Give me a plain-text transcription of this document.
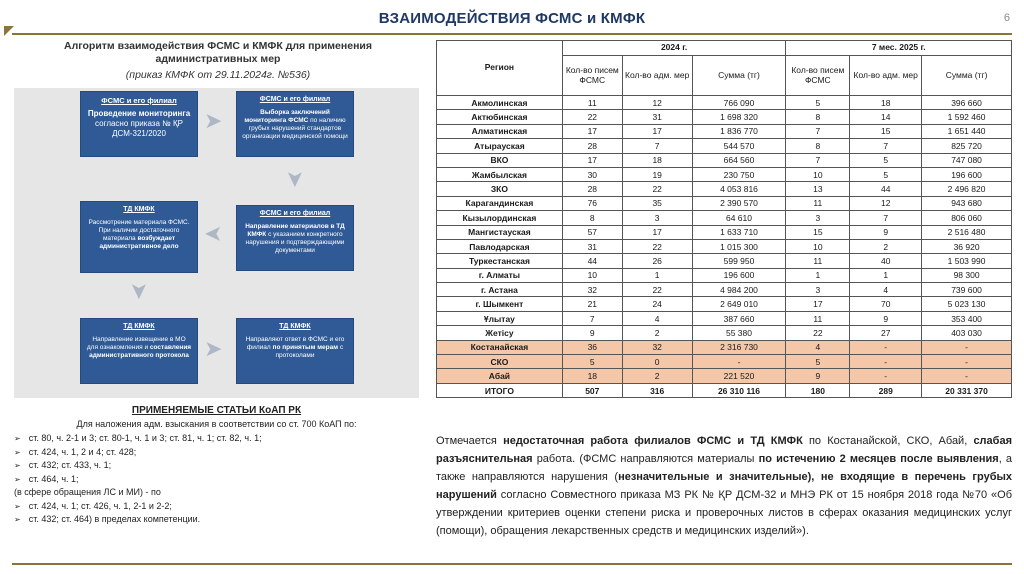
ВЗАИМОДЕЙСТВИЯ ФСМС и КМФК	6
Алгоритм взаимодействия ФСМС и КМФК для применения административных мер
(приказ КМФК от 29.11.2024г. №536)
ФСМС и его филиал
Проведение мониторинга согласно приказа № ҚР ДСМ-321/2020
➤
ФСМС и его филиал
Выборка заключений мониторинга ФСМС по наличию грубых нарушений стандартов организации медицинской помощи
➤
ФСМС и его филиал
Направление материалов в ТД КМФК с указанием конкретного нарушения и подтверждающими документами
➤
ТД КМФК
Рассмотрение материала ФСМС. При наличии достаточного материала возбуждает административное дело
➤
ТД КМФК
Направление извещение в МО для ознакомления и составления административного протокола ➤
ТД КМФК
Направляют ответ в ФСМС и его филиал по принятым мерам с протоколами
ПРИМЕНЯЕМЫЕ СТАТЬИ КоАП РК
Для наложения адм. взыскания в соответствии со ст. 700 КоАП по:
➢ ст. 80, ч. 2-1 и 3; ст. 80-1, ч. 1 и 3; ст. 81, ч. 1; ст. 82, ч. 1;
➢ ст. 424, ч. 1, 2 и 4; ст. 428;
➢ ст. 432; ст. 433, ч. 1;
➢ ст. 464, ч. 1;
(в сфере обращения ЛС и МИ) - по
➢ ст. 424, ч. 1; ст. 426, ч. 1, 2-1 и 2-2;
➢ ст. 432; ст. 464) в пределах компетенции.
Регион	2024 г.			7 мес. 2025 г.		
	Кол-во писем ФСМС	Кол-во адм. мер	Сумма (тг)	Кол-во писем ФСМС	Кол-во адм. мер	Сумма (тг)
Акмолинская	11	12	766 090	5	18	396 660
Актюбинская	22	31	1 698 320	8	14	1 592 460
Алматинская	17	17	1 836 770	7	15	1 651 440
Атырауская	28	7	544 570	8	7	825 720
ВКО	17	18	664 560	7	5	747 080
Жамбылская	30	19	230 750	10	5	196 600
ЗКО	28	22	4 053 816	13	44	2 496 820
Карагандинская	76	35	2 390 570	11	12	943 680
Кызылординская	8	3	64 610	3	7	806 060
Мангистауская	57	17	1 633 710	15	9	2 516 480
Павлодарская	31	22	1 015 300	10	2	36 920
Туркестанская	44	26	599 950	11	40	1 503 990
г. Алматы	10	1	196 600	1	1	98 300
г. Астана	32	22	4 984 200	3	4	739 600
г. Шымкент	21	24	2 649 010	17	70	5 023 130
Ұлытау	7	4	387 660	11	9	353 400
Жетісу	9	2	55 380	22	27	403 030
Костанайская	36	32	2 316 730	4	-	-
СКО	5	0	-	5	-	-
Абай	18	2	221 520	9	-	-
ИТОГО	507	316	26 310 116	180	289	20 331 370
Отмечается недостаточная работа филиалов ФСМС и ТД КМФК по Костанайской, СКО, Абай, слабая разъяснительная работа. (ФСМС направляются материалы по истечению 2 месяцев после выявления, а также направляются нарушения (незначительные и значительные), не входящие в перечень грубых нарушений согласно Совместного приказа МЗ РК № ҚР ДСМ-32 и МНЭ РК от 15 ноября 2018 года №70 «Об утверждении критериев оценки степени риска и проверочных листов в сферах оказания медицинских услуг (помощи), обращения лекарственных средств и медицинских изделий»).
